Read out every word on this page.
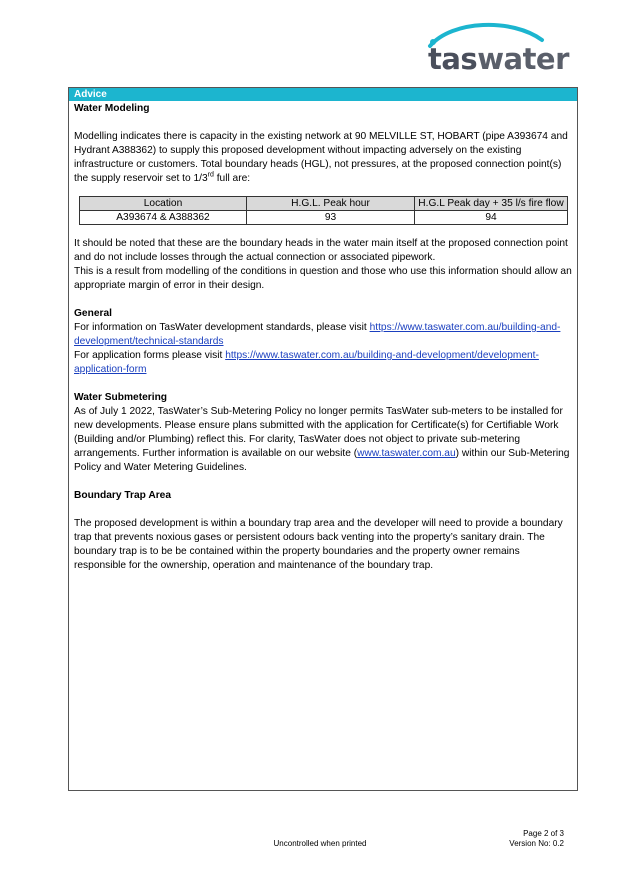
taswater
Advice

Water Modeling

Modelling indicates there is capacity in the existing network at 90 MELVILLE ST, HOBART (pipe A393674 and Hydrant A388362) to supply this proposed development without impacting adversely on the existing infrastructure or customers. Total boundary heads (HGL), not pressures, at the proposed connection point(s) the supply reservoir set to 1/3rd full are:

Location	H.G.L. Peak hour	H.G.L Peak day + 35 l/s fire flow
A393674 & A388362	93	94

It should be noted that these are the boundary heads in the water main itself at the proposed connection point and do not include losses through the actual connection or associated pipework.

This is a result from modelling of the conditions in question and those who use this information should allow an appropriate margin of error in their design.

General

For information on TasWater development standards, please visit https://www.taswater.com.au/building-and-development/technical-standards

For application forms please visit https://www.taswater.com.au/building-and-development/development-application-form

Water Submetering

As of July 1 2022, TasWater’s Sub-Metering Policy no longer permits TasWater sub-meters to be installed for new developments. Please ensure plans submitted with the application for Certificate(s) for Certifiable Work (Building and/or Plumbing) reflect this. For clarity, TasWater does not object to private sub-metering arrangements. Further information is available on our website (www.taswater.com.au) within our Sub-Metering Policy and Water Metering Guidelines.

Boundary Trap Area

The proposed development is within a boundary trap area and the developer will need to provide a boundary trap that prevents noxious gases or persistent odours back venting into the property’s sanitary drain. The boundary trap is to be be contained within the property boundaries and the property owner remains responsible for the ownership, operation and maintenance of the boundary trap.

Uncontrolled when printed
Page 2 of 3
Version No: 0.2
